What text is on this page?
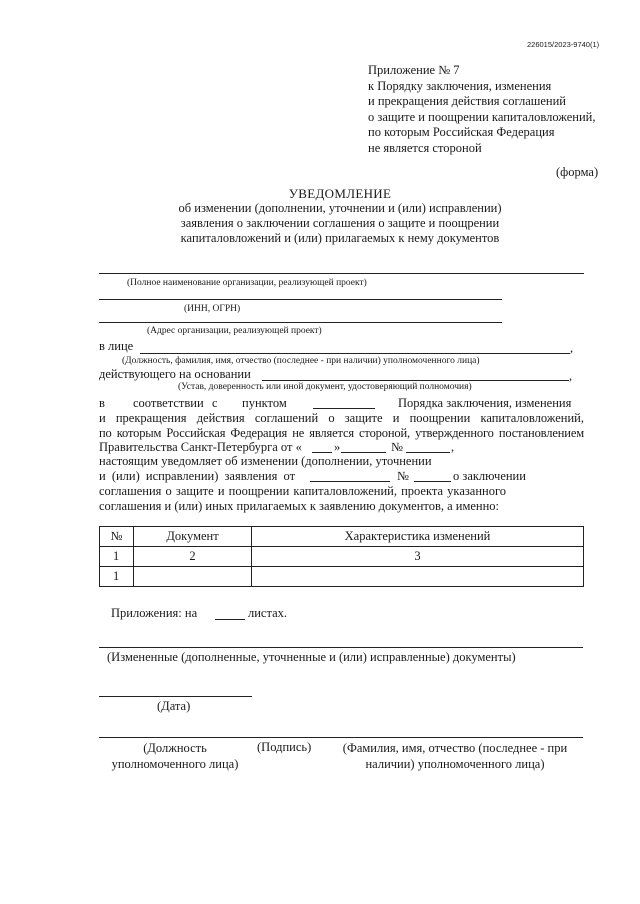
226015/2023-9740(1)
Приложение № 7
к Порядку заключения, изменения
и прекращения действия соглашений
о защите и поощрении капиталовложений,
по которым Российская Федерация
не является стороной
(форма)
УВЕДОМЛЕНИЕ
об изменении (дополнении, уточнении и (или) исправлении)
заявления о заключении соглашения о защите и поощрении
капиталовложений и (или) прилагаемых к нему документов
(Полное наименование организации, реализующей проект)
(ИНН, ОГРН)
(Адрес организации, реализующей проект)
в лице	,
(Должность, фамилия, имя, отчество (последнее - при наличии) уполномоченного лица)
действующего на основании	,
(Устав, доверенность или иной документ, удостоверяющий полномочия)
в соответствии с пунктом	Порядка заключения, изменения
и прекращения действия соглашений о защите и поощрении капиталовложений,
по которым Российская Федерация не является стороной, утвержденного постановлением
Правительства Санкт-Петербурга от «	»	№	,
настоящим уведомляет об изменении (дополнении, уточнении
и (или) исправлении) заявления от	№	о заключении
соглашения о защите и поощрении капиталовложений, проекта указанного
соглашения и (или) иных прилагаемых к заявлению документов, а именно:
№	Документ	Характеристика изменений
1	2	3
1		
Приложения: на	листах.
(Измененные (дополненные, уточненные и (или) исправленные) документы)
(Дата)
(Должность
уполномоченного лица)
(Подпись)	(Фамилия, имя, отчество (последнее - при
наличии) уполномоченного лица)
